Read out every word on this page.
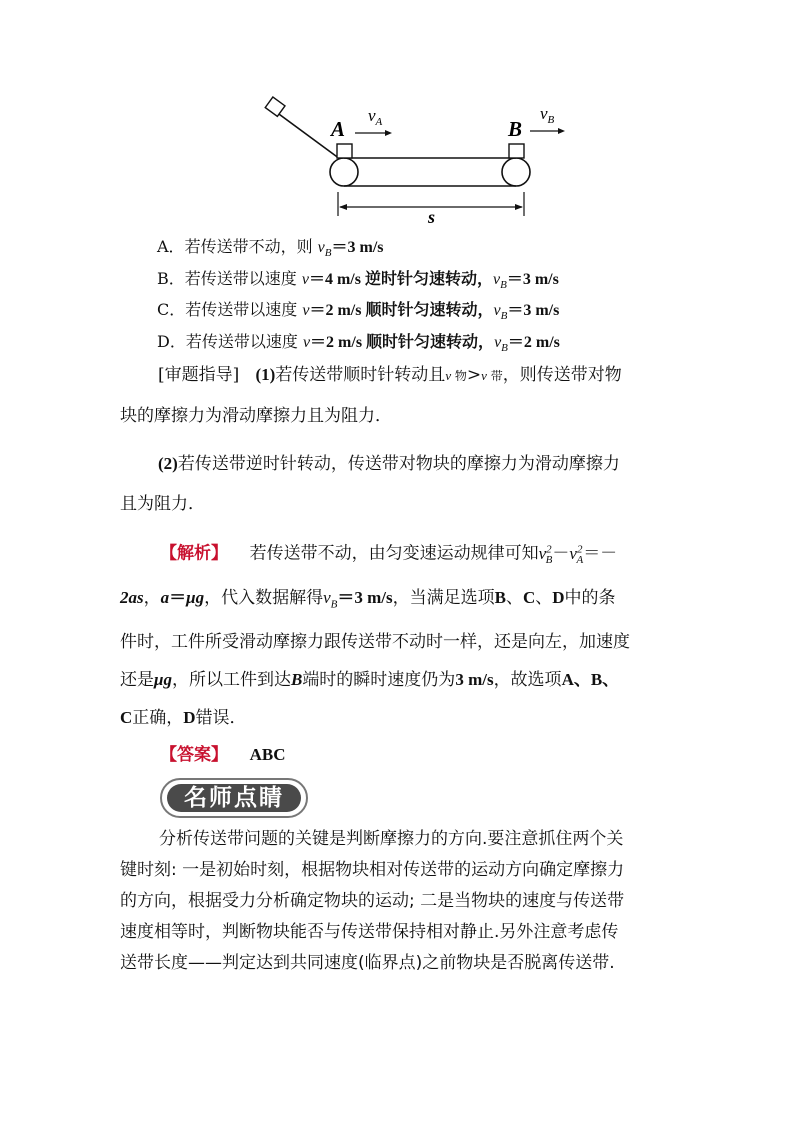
A	B
$v_A$	$v_B$
s
A．若传送带不动，则 $v_B=3$ m/s
B．若传送带以速度 v＝4 m/s 逆时针匀速转动，$v_B=3$ m/s
C．若传送带以速度 v＝2 m/s 顺时针匀速转动，$v_B=3$ m/s
D．若传送带以速度 v＝2 m/s 顺时针匀速转动，$v_B=2$ m/s
[审题指导] (1)若传送带顺时针转动且v 物>v 带，则传送带对物
块的摩擦力为滑动摩擦力且为阻力．
(2)若传送带逆时针转动，传送带对物块的摩擦力为滑动摩擦力
且为阻力．
【解析】 若传送带不动，由匀变速运动规律可知$v^2_B-v^2_A=-$
2as，a＝μg，代入数据解得$v_B=3$ m/s，当满足选项B、C、D中的条
件时，工件所受滑动摩擦力跟传送带不动时一样，还是向左，加速度
还是μg，所以工件到达B端时的瞬时速度仍为3 m/s，故选项A、B、
C正确，D错误．
【答案】 ABC
名师点睛
分析传送带问题的关键是判断摩擦力的方向.要注意抓住两个关
键时刻: 一是初始时刻，根据物块相对传送带的运动方向确定摩擦力
的方向，根据受力分析确定物块的运动; 二是当物块的速度与传送带
速度相等时，判断物块能否与传送带保持相对静止.另外注意考虑传
送带长度——判定达到共同速度(临界点)之前物块是否脱离传送带.
